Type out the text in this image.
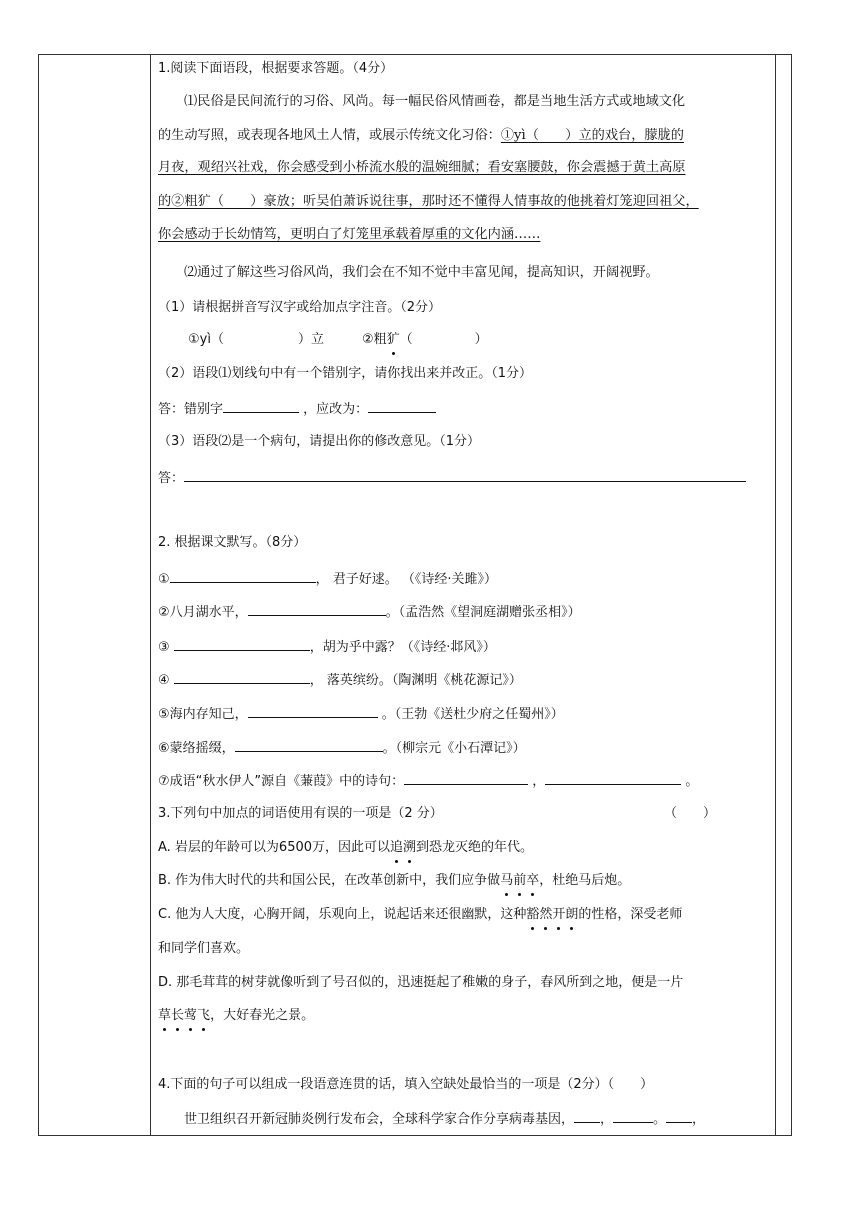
1.阅读下面语段，根据要求答题。（4分）
⑴民俗是民间流行的习俗、风尚。每一幅民俗风情画卷，都是当地生活方式或地域文化
的生动写照，或表现各地风土人情，或展示传统文化习俗：①yì（　　）立的戏台，朦胧的
月夜，观绍兴社戏，你会感受到小桥流水般的温婉细腻；看安塞腰鼓，你会震撼于黄土高原
的②粗犷（　　）豪放；听吴伯萧诉说往事，那时还不懂得人情事故的他挑着灯笼迎回祖父，
你会感动于长幼情笃，更明白了灯笼里承载着厚重的文化内涵……
⑵通过了解这些习俗风尚，我们会在不知不觉中丰富见闻，提高知识，开阔视野。
（1）请根据拼音写汉字或给加点字注音。（2分）
①yì（	）立	②粗犷（	）
（2）语段⑴划线句中有一个错别字，请你找出来并改正。（1分）
答：错别字	，应改为：
（3）语段⑵是一个病句，请提出你的修改意见。（1分）
答：
2. 根据课文默写。（8分）
①	， 君子好逑。 （《诗经·关雎》）
②八月湖水平，	。（孟浩然《望洞庭湖赠张丞相》）
③	，胡为乎中露？（《诗经·邶风》）
④	， 落英缤纷。（陶渊明《桃花源记》）
⑤海内存知己，	。（王勃《送杜少府之任蜀州》）
⑥蒙络摇缀，	。（柳宗元《小石潭记》）
⑦成语“秋水伊人”源自《蒹葭》中的诗句：	，	。
3.下列句中加点的词语使用有误的一项是（2 分）	（　　）
A. 岩层的年龄可以为6500万，因此可以追溯到恐龙灭绝的年代。
B. 作为伟大时代的共和国公民，在改革创新中，我们应争做马前卒，杜绝马后炮。
C. 他为人大度，心胸开阔，乐观向上，说起话来还很幽默，这种豁然开朗的性格，深受老师
和同学们喜欢。
D. 那毛茸茸的树芽就像听到了号召似的，迅速挺起了稚嫩的身子，春风所到之地，便是一片
草长莺飞，大好春光之景。
4.下面的句子可以组成一段语意连贯的话，填入空缺处最恰当的一项是（2分）（　　）
世卫组织召开新冠肺炎例行发布会，全球科学家合作分享病毒基因， ，	。 ，
